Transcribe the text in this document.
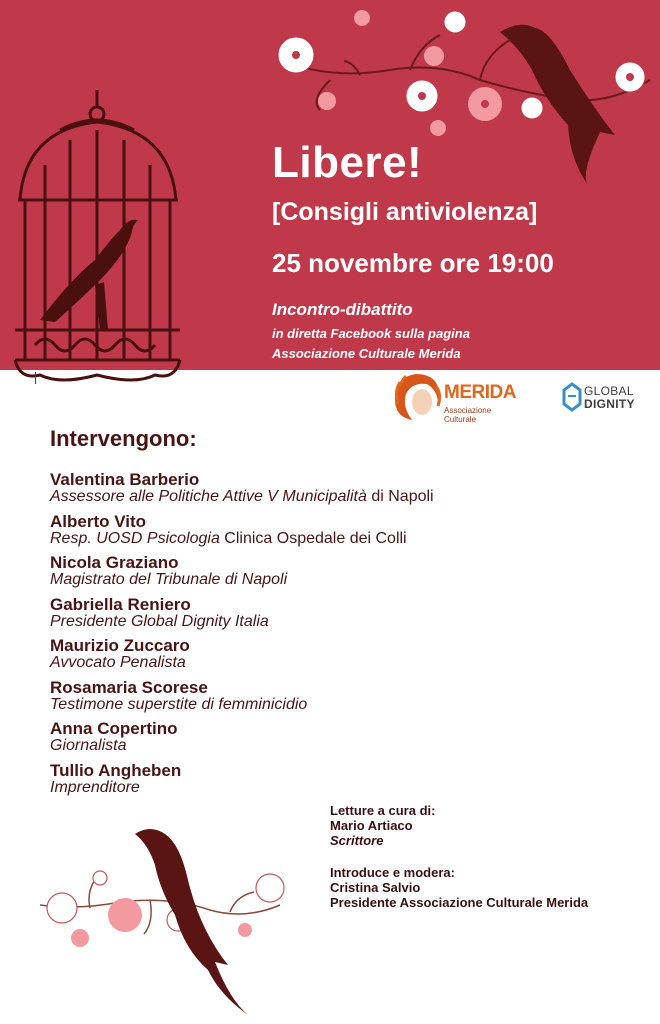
Libere!
[Consigli antiviolenza]
25 novembre ore 19:00
Incontro-dibattito
in diretta Facebook sulla pagina
Associazione Culturale Merida
MERIDA
Associazione Culturale
GLOBAL
DIGNITY
Intervengono:
Valentina Barberio
Assessore alle Politiche Attive V Municipalità di Napoli
Alberto Vito
Resp. UOSD Psicologia Clinica Ospedale dei Colli
Nicola Graziano
Magistrato del Tribunale di Napoli
Gabriella Reniero
Presidente Global Dignity Italia
Maurizio Zuccaro
Avvocato Penalista
Rosamaria Scorese
Testimone superstite di femminicidio
Anna Copertino
Giornalista
Tullio Angheben
Imprenditore
Letture a cura di:
Mario Artiaco
Scrittore
Introduce e modera:
Cristina Salvio
Presidente Associazione Culturale Merida
